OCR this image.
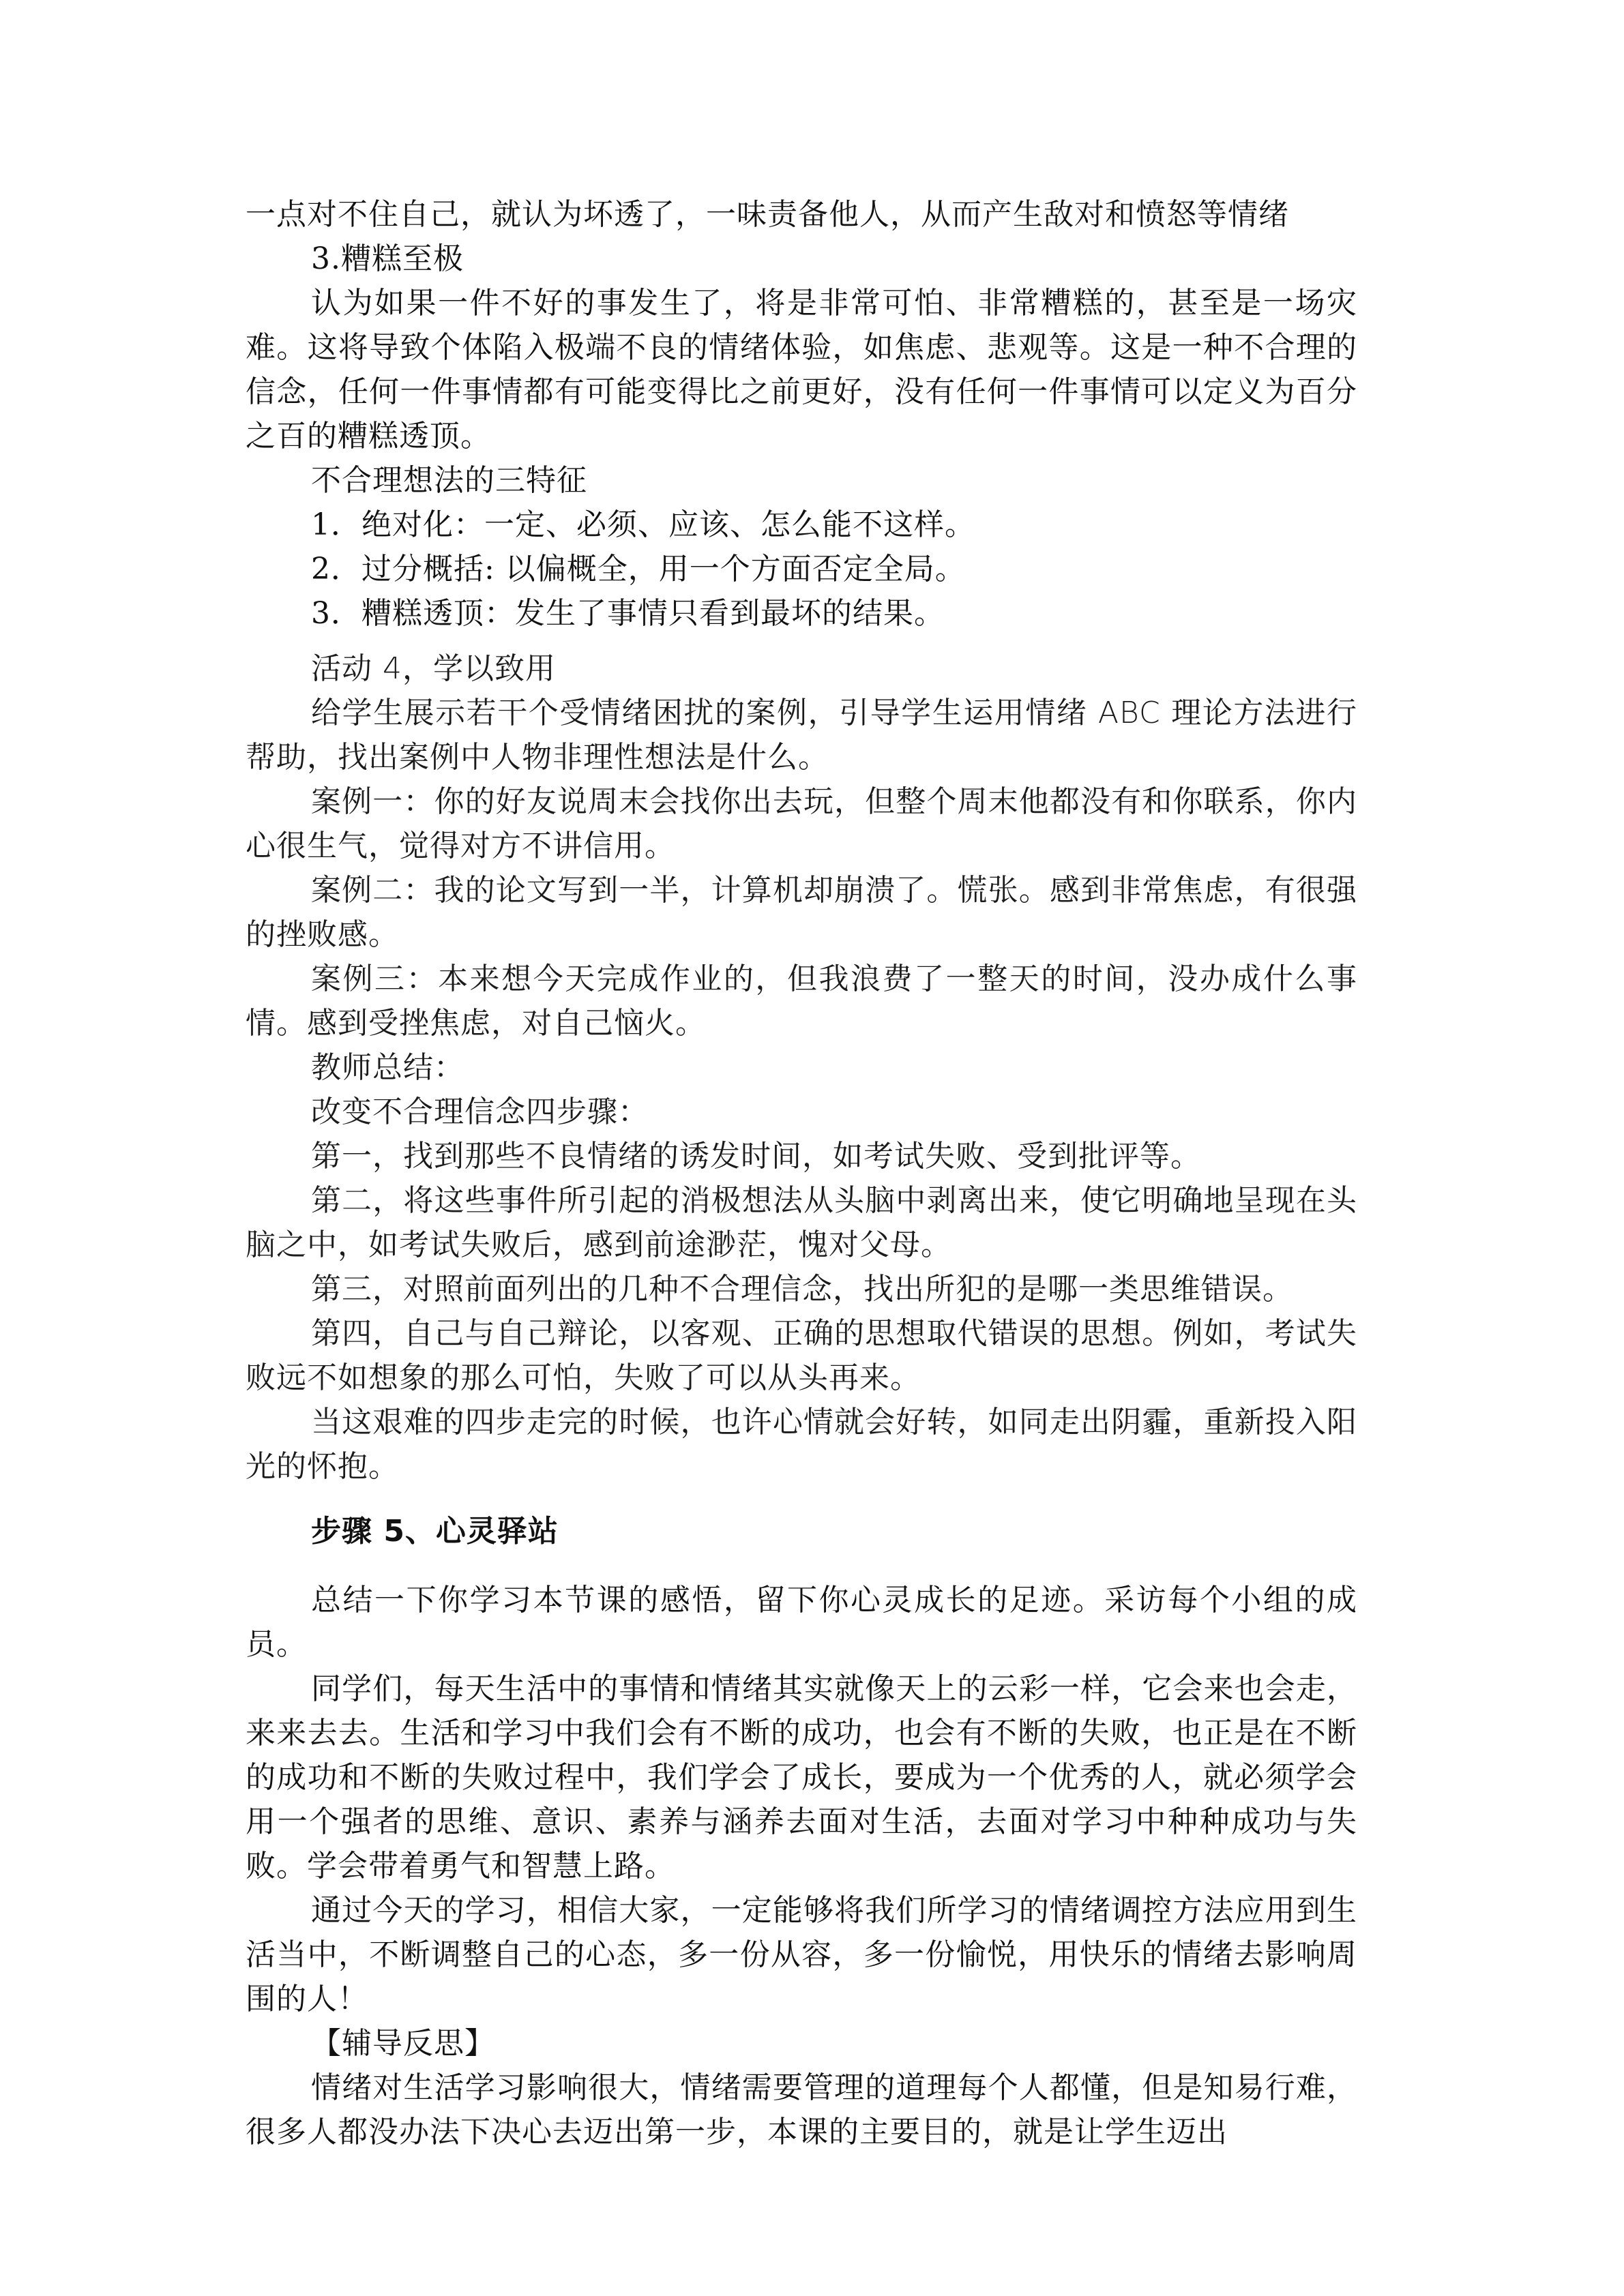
一点对不住自己，就认为坏透了，一味责备他人，从而产生敌对和愤怒等情绪

3.糟糕至极

认为如果一件不好的事发生了，将是非常可怕、非常糟糕的，甚至是一场灾难。这将导致个体陷入极端不良的情绪体验，如焦虑、悲观等。这是一种不合理的信念，任何一件事情都有可能变得比之前更好，没有任何一件事情可以定义为百分之百的糟糕透顶。

不合理想法的三特征

1．绝对化：一定、必须、应该、怎么能不这样。

2．过分概括: 以偏概全，用一个方面否定全局。

3．糟糕透顶：发生了事情只看到最坏的结果。

活动 4，学以致用

给学生展示若干个受情绪困扰的案例，引导学生运用情绪 ABC 理论方法进行帮助，找出案例中人物非理性想法是什么。

案例一：你的好友说周末会找你出去玩，但整个周末他都没有和你联系，你内心很生气，觉得对方不讲信用。

案例二：我的论文写到一半，计算机却崩溃了。慌张。感到非常焦虑，有很强的挫败感。

案例三：本来想今天完成作业的，但我浪费了一整天的时间，没办成什么事情。感到受挫焦虑，对自己恼火。

教师总结：

改变不合理信念四步骤：

第一，找到那些不良情绪的诱发时间，如考试失败、受到批评等。

第二，将这些事件所引起的消极想法从头脑中剥离出来，使它明确地呈现在头脑之中，如考试失败后，感到前途渺茫，愧对父母。

第三，对照前面列出的几种不合理信念，找出所犯的是哪一类思维错误。

第四，自己与自己辩论，以客观、正确的思想取代错误的思想。例如，考试失败远不如想象的那么可怕，失败了可以从头再来。

当这艰难的四步走完的时候，也许心情就会好转，如同走出阴霾，重新投入阳光的怀抱。

步骤 5、心灵驿站

总结一下你学习本节课的感悟，留下你心灵成长的足迹。采访每个小组的成员。

同学们，每天生活中的事情和情绪其实就像天上的云彩一样，它会来也会走，来来去去。生活和学习中我们会有不断的成功，也会有不断的失败，也正是在不断的成功和不断的失败过程中，我们学会了成长，要成为一个优秀的人，就必须学会用一个强者的思维、意识、素养与涵养去面对生活，去面对学习中种种成功与失败。学会带着勇气和智慧上路。

通过今天的学习，相信大家，一定能够将我们所学习的情绪调控方法应用到生活当中，不断调整自己的心态，多一份从容，多一份愉悦，用快乐的情绪去影响周围的人！

【辅导反思】

情绪对生活学习影响很大，情绪需要管理的道理每个人都懂，但是知易行难，很多人都没办法下决心去迈出第一步，本课的主要目的，就是让学生迈出
